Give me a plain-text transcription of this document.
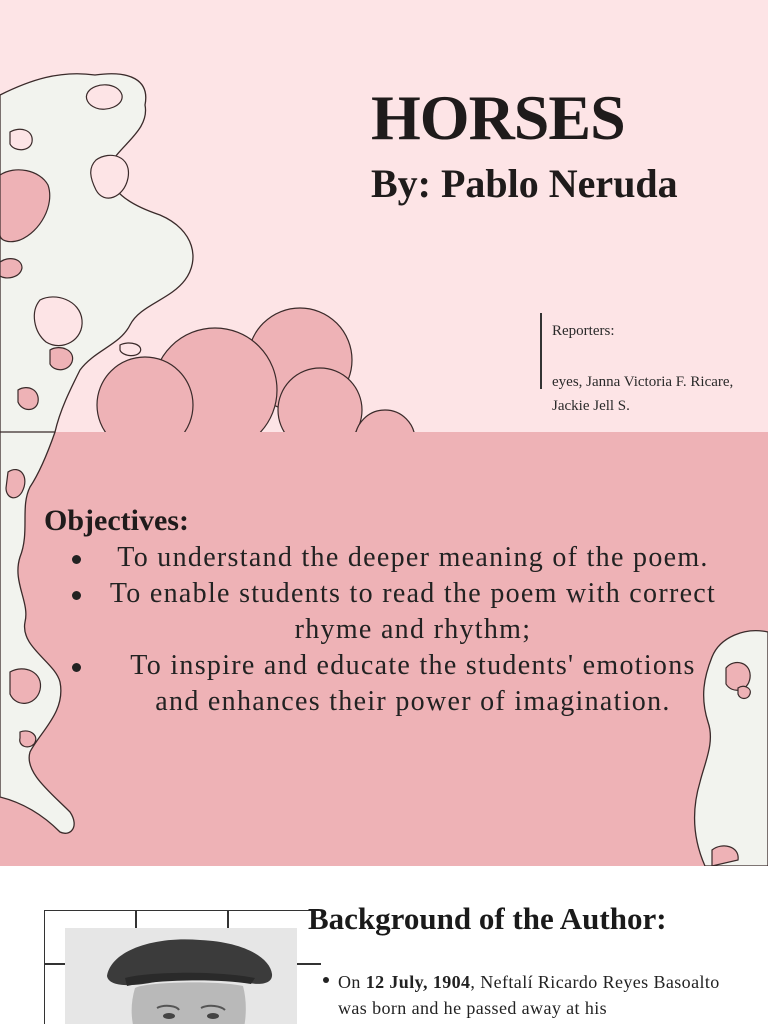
HORSES
By: Pablo Neruda
Reporters:
eyes, Janna Victoria F. Ricare, Jackie Jell S.
Objectives:
To understand the deeper meaning of the poem.
To enable students to read the poem with correct rhyme and rhythm;
To inspire and educate the students' emotions and enhances their power of imagination.
Background of the Author:

On 12 July, 1904, Neftalí Ricardo Reyes Basoalto was born and he passed away at his
